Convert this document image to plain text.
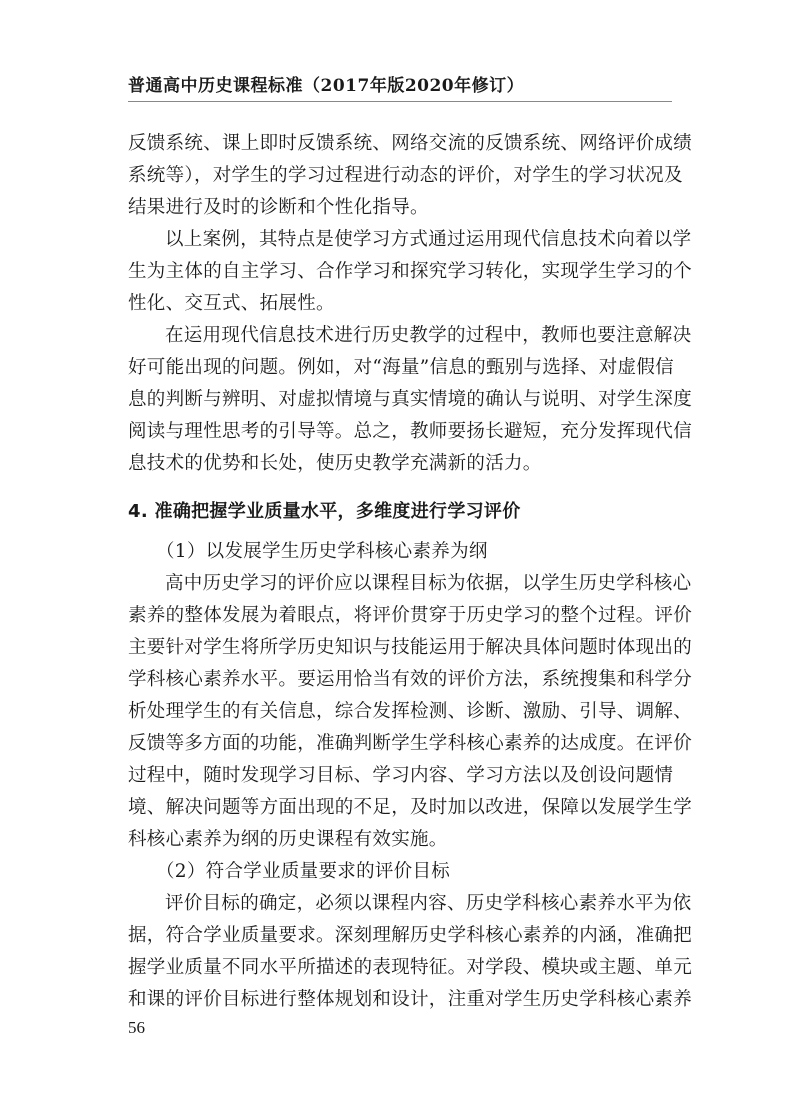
普通高中历史课程标准（2017年版2020年修订）
反馈系统、课上即时反馈系统、网络交流的反馈系统、网络评价成绩
系统等），对学生的学习过程进行动态的评价，对学生的学习状况及
结果进行及时的诊断和个性化指导。
以上案例，其特点是使学习方式通过运用现代信息技术向着以学
生为主体的自主学习、合作学习和探究学习转化，实现学生学习的个
性化、交互式、拓展性。
在运用现代信息技术进行历史教学的过程中，教师也要注意解决
好可能出现的问题。例如，对“海量”信息的甄别与选择、对虚假信
息的判断与辨明、对虚拟情境与真实情境的确认与说明、对学生深度
阅读与理性思考的引导等。总之，教师要扬长避短，充分发挥现代信
息技术的优势和长处，使历史教学充满新的活力。
4. 准确把握学业质量水平，多维度进行学习评价
（1）以发展学生历史学科核心素养为纲
高中历史学习的评价应以课程目标为依据，以学生历史学科核心
素养的整体发展为着眼点，将评价贯穿于历史学习的整个过程。评价
主要针对学生将所学历史知识与技能运用于解决具体问题时体现出的
学科核心素养水平。要运用恰当有效的评价方法，系统搜集和科学分
析处理学生的有关信息，综合发挥检测、诊断、激励、引导、调解、
反馈等多方面的功能，准确判断学生学科核心素养的达成度。在评价
过程中，随时发现学习目标、学习内容、学习方法以及创设问题情
境、解决问题等方面出现的不足，及时加以改进，保障以发展学生学
科核心素养为纲的历史课程有效实施。
（2）符合学业质量要求的评价目标
评价目标的确定，必须以课程内容、历史学科核心素养水平为依
据，符合学业质量要求。深刻理解历史学科核心素养的内涵，准确把
握学业质量不同水平所描述的表现特征。对学段、模块或主题、单元
和课的评价目标进行整体规划和设计，注重对学生历史学科核心素养
56
